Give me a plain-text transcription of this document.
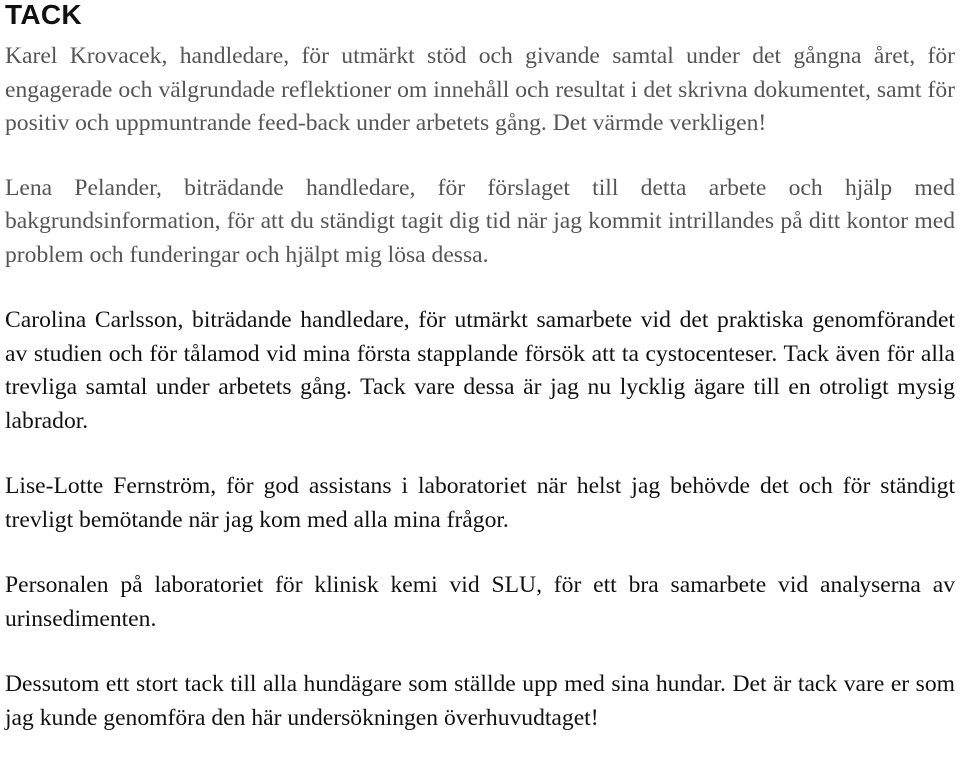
TACK

Karel Krovacek, handledare, för utmärkt stöd och givande samtal under det gångna året, för engagerade och välgrundade reflektioner om innehåll och resultat i det skrivna dokumentet, samt för positiv och uppmuntrande feed-back under arbetets gång. Det värmde verkligen!

Lena Pelander, biträdande handledare, för förslaget till detta arbete och hjälp med bakgrundsinformation, för att du ständigt tagit dig tid när jag kommit intrillandes på ditt kontor med problem och funderingar och hjälpt mig lösa dessa.

Carolina Carlsson, biträdande handledare, för utmärkt samarbete vid det praktiska genomförandet av studien och för tålamod vid mina första stapplande försök att ta cystocenteser. Tack även för alla trevliga samtal under arbetets gång. Tack vare dessa är jag nu lycklig ägare till en otroligt mysig labrador.

Lise-Lotte Fernström, för god assistans i laboratoriet när helst jag behövde det och för ständigt trevligt bemötande när jag kom med alla mina frågor.

Personalen på laboratoriet för klinisk kemi vid SLU, för ett bra samarbete vid analyserna av urinsedimenten.

Dessutom ett stort tack till alla hundägare som ställde upp med sina hundar. Det är tack vare er som jag kunde genomföra den här undersökningen överhuvudtaget!
